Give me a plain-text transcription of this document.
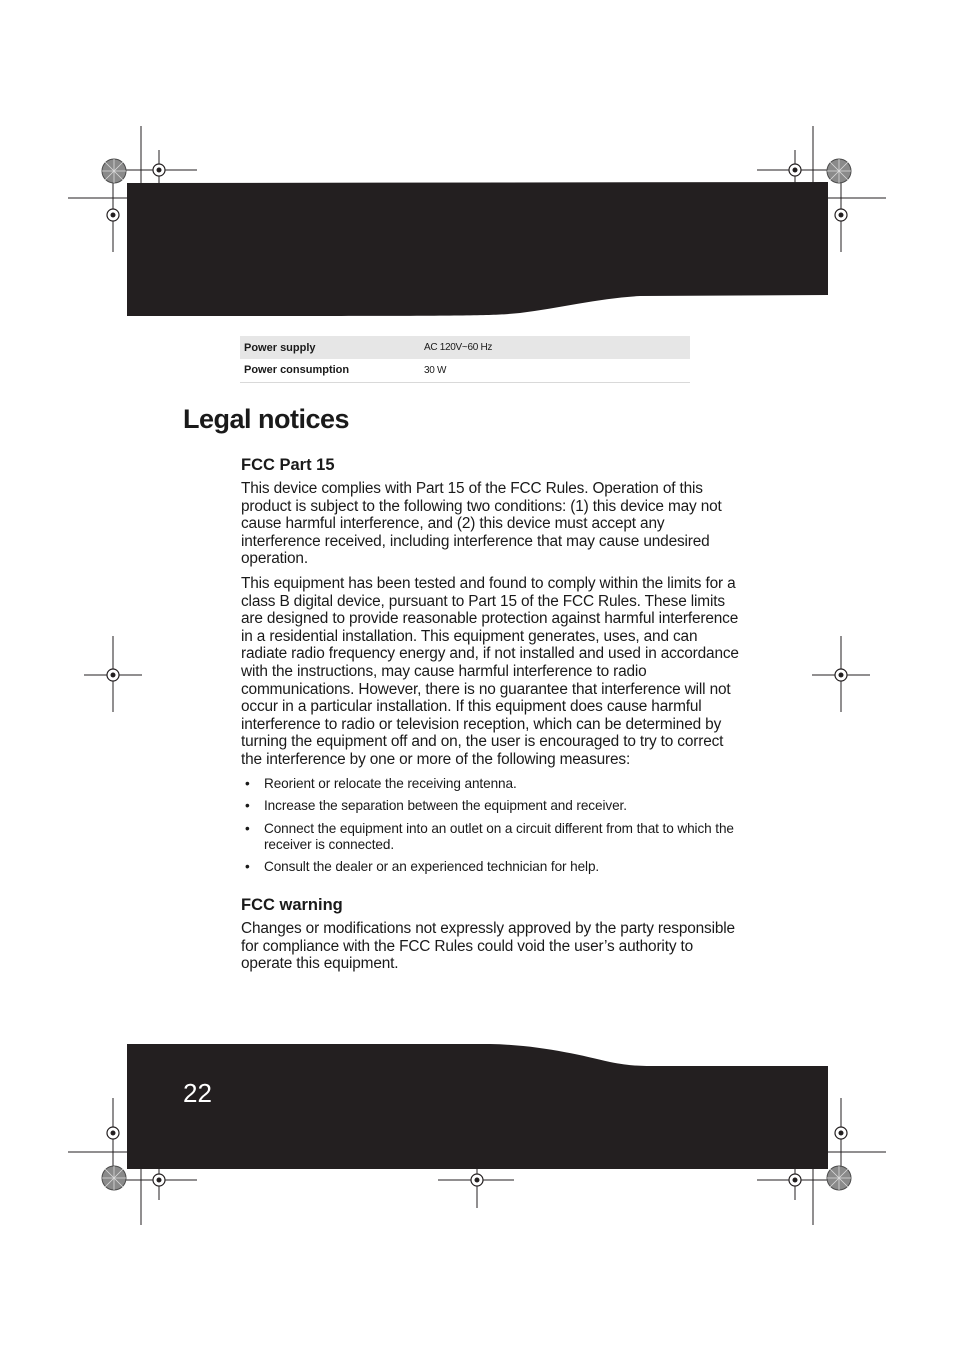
Power supply	AC 120V~60 Hz
Power consumption	30 W
Legal notices
FCC Part 15

This device complies with Part 15 of the FCC Rules. Operation of this product is subject to the following two conditions: (1) this device may not cause harmful interference, and (2) this device must accept any interference received, including interference that may cause undesired operation.

This equipment has been tested and found to comply within the limits for a class B digital device, pursuant to Part 15 of the FCC Rules. These limits are designed to provide reasonable protection against harmful interference in a residential installation. This equipment generates, uses, and can radiate radio frequency energy and, if not installed and used in accordance with the instructions, may cause harmful interference to radio communications. However, there is no guarantee that interference will not occur in a particular installation. If this equipment does cause harmful interference to radio or television reception, which can be determined by turning the equipment off and on, the user is encouraged to try to correct the interference by one or more of the following measures:

• Reorient or relocate the receiving antenna.
• Increase the separation between the equipment and receiver.
• Connect the equipment into an outlet on a circuit different from that to which the receiver is connected.
• Consult the dealer or an experienced technician for help.
FCC warning

Changes or modifications not expressly approved by the party responsible for compliance with the FCC Rules could void the user’s authority to operate this equipment.

22
